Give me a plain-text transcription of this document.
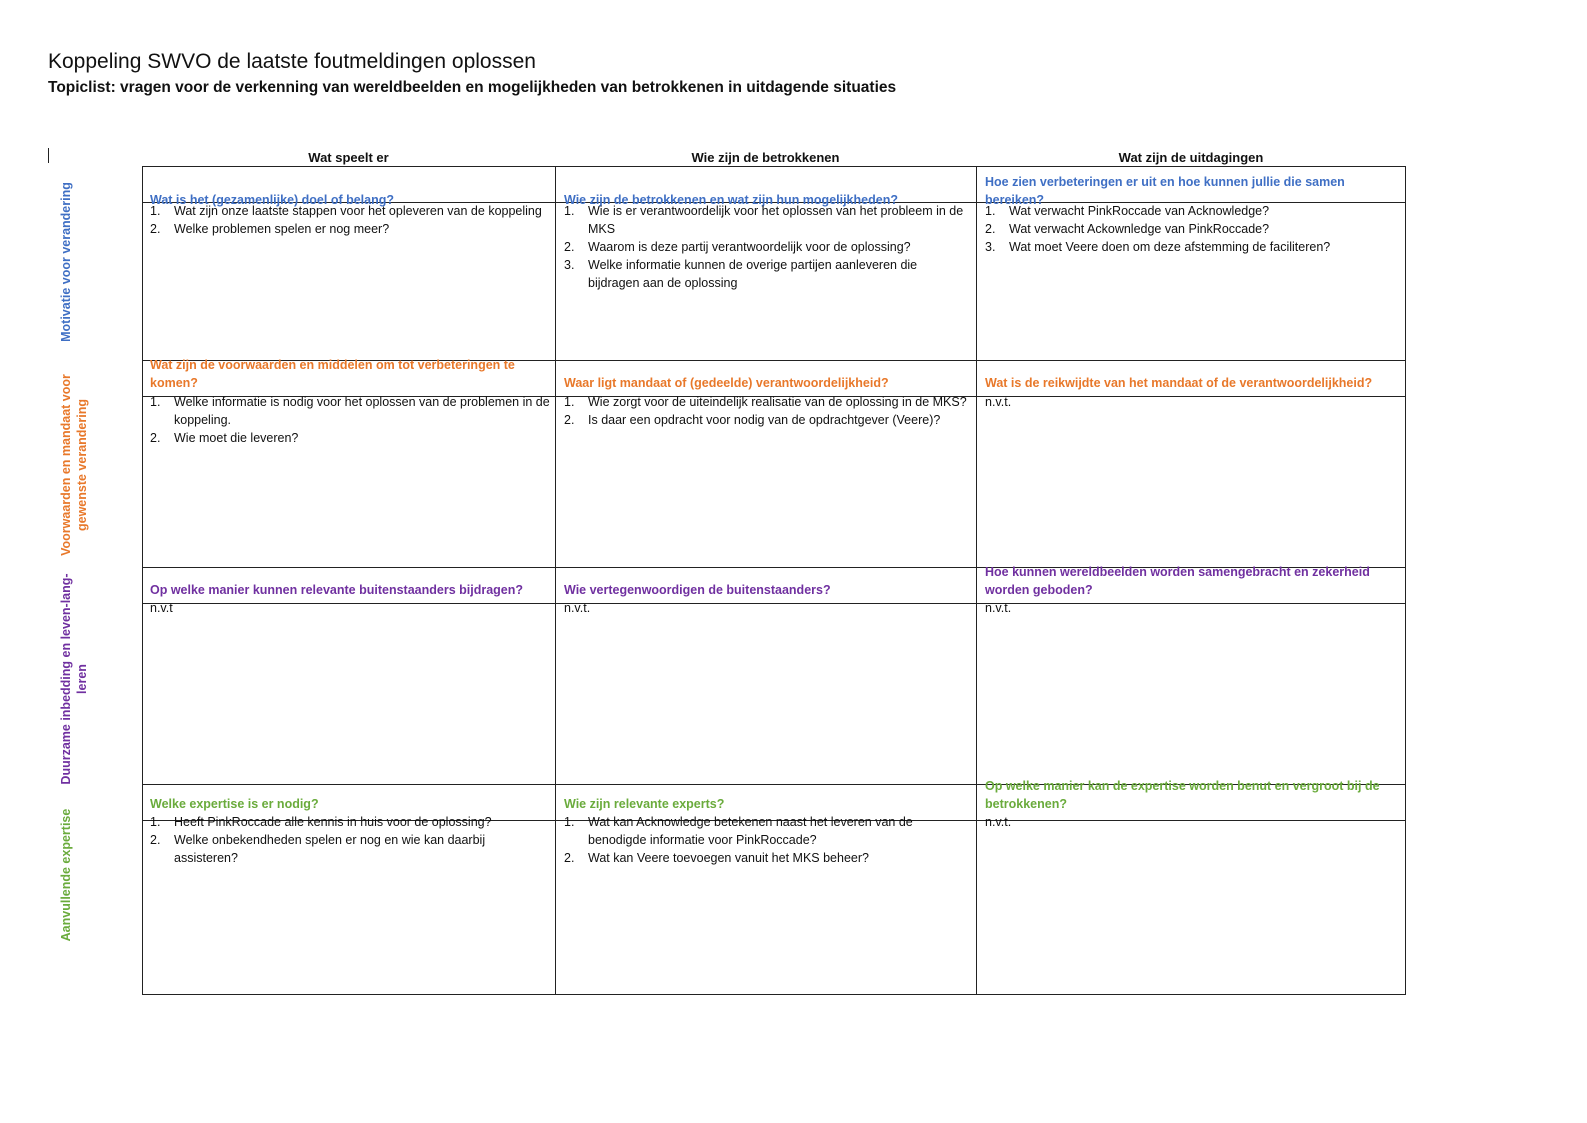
Koppeling SWVO de laatste foutmeldingen oplossen
Topiclist: vragen voor de verkenning van wereldbeelden en mogelijkheden van betrokkenen in uitdagende situaties
Wat speelt er	Wie zijn de betrokkenen	Wat zijn de uitdagingen
Motivatie voor verandering
Voorwaarden en mandaat voor gewenste verandering
Duurzame inbedding en leven-lang-leren
Aanvullende expertise
Wat is het (gezamenlijke) doel of belang?
1. Wat zijn onze laatste stappen voor het opleveren van de koppeling
2. Welke problemen spelen er nog meer?
Wie zijn de betrokkenen en wat zijn hun mogelijkheden?
1. Wie is er verantwoordelijk voor het oplossen van het probleem in de MKS
2. Waarom is deze partij verantwoordelijk voor de oplossing?
3. Welke informatie kunnen de overige partijen aanleveren die bijdragen aan de oplossing
Hoe zien verbeteringen er uit en hoe kunnen jullie die samen bereiken?
1. Wat verwacht PinkRoccade van Acknowledge?
2. Wat verwacht Ackownledge van PinkRoccade?
3. Wat moet Veere doen om deze afstemming de faciliteren?
Wat zijn de voorwaarden en middelen om tot verbeteringen te komen?
1. Welke informatie is nodig voor het oplossen van de problemen in de koppeling.
2. Wie moet die leveren?
Waar ligt mandaat of (gedeelde) verantwoordelijkheid?
1. Wie zorgt voor de uiteindelijk realisatie van de oplossing in de MKS?
2. Is daar een opdracht voor nodig van de opdrachtgever (Veere)?
Wat is de reikwijdte van het mandaat of de verantwoordelijkheid?
n.v.t.
Op welke manier kunnen relevante buitenstaanders bijdragen?
n.v.t
Wie vertegenwoordigen de buitenstaanders?
n.v.t.
Hoe kunnen wereldbeelden worden samengebracht en zekerheid worden geboden?
n.v.t.
Welke expertise is er nodig?
1. Heeft PinkRoccade alle kennis in huis voor de oplossing?
2. Welke onbekendheden spelen er nog en wie kan daarbij assisteren?
Wie zijn relevante experts?
1. Wat kan Acknowledge betekenen naast het leveren van de benodigde informatie voor PinkRoccade?
2. Wat kan Veere toevoegen vanuit het MKS beheer?
Op welke manier kan de expertise worden benut en vergroot bij de betrokkenen?
n.v.t.
